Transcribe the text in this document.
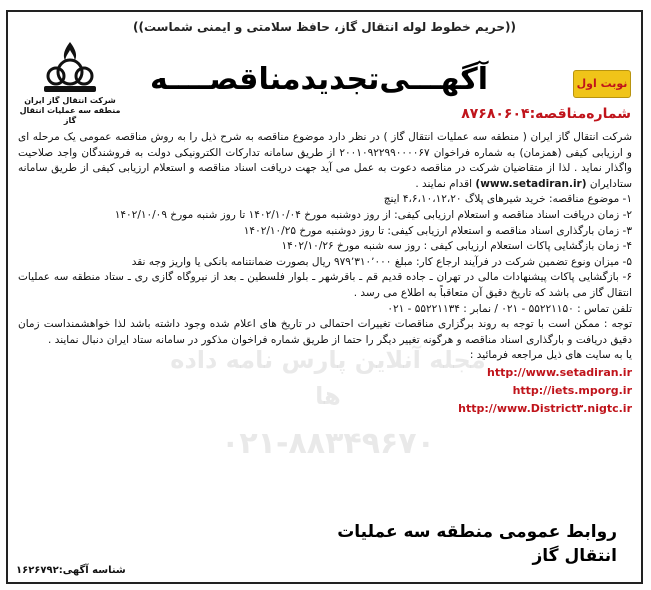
((حریم خطوط لوله انتقال گاز، حافظ سلامتی و ایمنی شماست))
شرکت انتقال گاز ایران
منطقه سه عملیات انتقال گاز
آگهـــی‌تجدیدمناقصــــه	نوبت اول
شماره‌مناقصه:۸۷۶۸۰۶۰۴
مجله آنلاین پارس نامه داده ها
۰۲۱-۸۸۳۴۹۶۷۰

شرکت انتقال گاز ایران ( منطقه سه عملیات انتقال گاز ) در نظر دارد موضوع مناقصه به شرح ذیل را به روش مناقصه عمومی یک مرحله ای و ارزیابی کیفی (همزمان) به شماره فراخوان ۲۰۰۱۰۹۲۲۹۹۰۰۰۰۶۷ از طریق سامانه تدارکات الکترونیکی دولت به فروشندگان واجد صلاحیت واگذار نماید . لذا از متقاضیان شرکت در مناقصه دعوت به عمل می آید جهت دریافت اسناد مناقصه و استعلام ارزیابی کیفی از طریق سامانه ستادایران (www.setadiran.ir) اقدام نمایند .

۱- موضوع مناقصه: خرید شیرهای پلاگ ۴،۶،۱۰،۱۲،۲۰ اینچ

۲- زمان دریافت اسناد مناقصه و استعلام ارزیابی کیفی: از روز دوشنبه مورخ ۱۴۰۲/۱۰/۰۴ تا روز شنبه مورخ ۱۴۰۲/۱۰/۰۹

۳- زمان بارگذاری اسناد مناقصه و استعلام ارزیابی کیفی: تا روز دوشنبه مورخ ۱۴۰۲/۱۰/۲۵

۴- زمان بازگشایی پاکات استعلام ارزیابی کیفی : روز سه شنبه مورخ ۱۴۰۲/۱۰/۲۶

۵- میزان ونوع تضمین شرکت در فرآیند ارجاع کار: مبلغ ۹۷۹٬۳۱۰٬۰۰۰ ریال بصورت ضمانتنامه بانکی یا واریز وجه نقد

۶- بازگشایی پاکات پیشنهادات مالی در تهران ـ جاده قدیم قم ـ باقرشهر ـ بلوار فلسطین ـ بعد از نیروگاه گازی ری ـ ستاد منطقه سه عملیات انتقال گاز می باشد که تاریخ دقیق آن متعاقباً به اطلاع می رسد .

تلفن تماس : ۵۵۲۲۱۱۵۰ - ۰۲۱ / نمابر : ۵۵۲۲۱۱۳۴ - ۰۲۱

توجه : ممکن است با توجه به روند برگزاری مناقصات تغییرات احتمالی در تاریخ های اعلام شده وجود داشته باشد لذا خواهشمنداست زمان دقیق دریافت و بارگذاری اسناد مناقصه و هرگونه تغییر دیگر را حتما از طریق شماره فراخوان مذکور در سامانه ستاد ایران دنبال نمایند .

یا به سایت های ذیل مراجعه فرمائید :

http://www.setadiran.ir

http://iets.mporg.ir

http://www.District۳.nigtc.ir

روابط عمومی منطقه سه عملیات انتقال گاز
شناسه آگهی:۱۶۲۶۷۹۲
